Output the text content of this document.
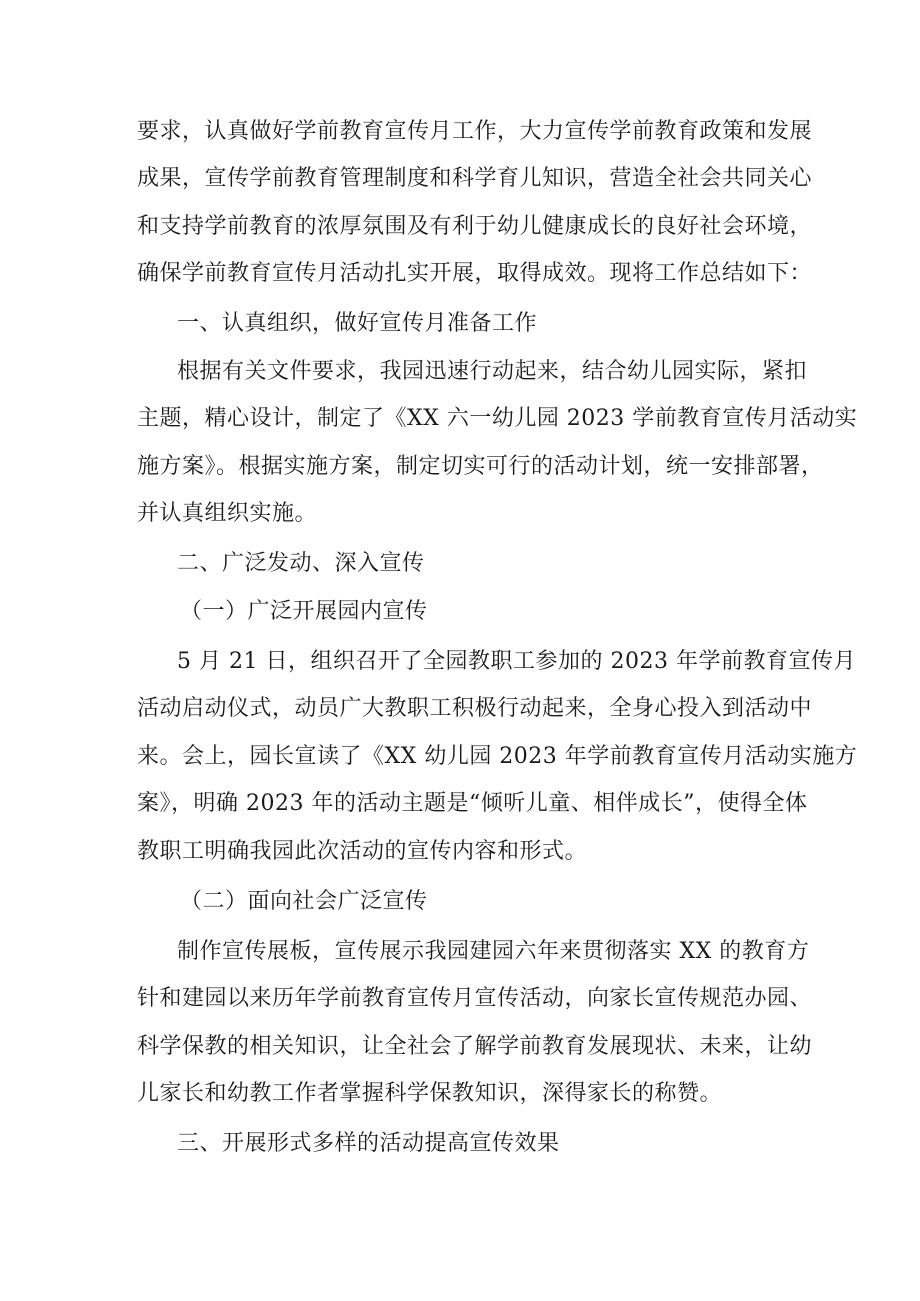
要求，认真做好学前教育宣传月工作，大力宣传学前教育政策和发展
成果，宣传学前教育管理制度和科学育儿知识，营造全社会共同关心
和支持学前教育的浓厚氛围及有利于幼儿健康成长的良好社会环境，
确保学前教育宣传月活动扎实开展，取得成效。现将工作总结如下：
一、认真组织，做好宣传月准备工作
根据有关文件要求，我园迅速行动起来，结合幼儿园实际，紧扣
主题，精心设计，制定了《XX 六一幼儿园 2023 学前教育宣传月活动实
施方案》。根据实施方案，制定切实可行的活动计划，统一安排部署，
并认真组织实施。
二、广泛发动、深入宣传
（一）广泛开展园内宣传
5 月 21 日，组织召开了全园教职工参加的 2023 年学前教育宣传月
活动启动仪式，动员广大教职工积极行动起来，全身心投入到活动中
来。会上，园长宣读了《XX 幼儿园 2023 年学前教育宣传月活动实施方
案》，明确 2023 年的活动主题是“倾听儿童、相伴成长”，使得全体
教职工明确我园此次活动的宣传内容和形式。
（二）面向社会广泛宣传
制作宣传展板，宣传展示我园建园六年来贯彻落实 XX 的教育方
针和建园以来历年学前教育宣传月宣传活动，向家长宣传规范办园、
科学保教的相关知识，让全社会了解学前教育发展现状、未来，让幼
儿家长和幼教工作者掌握科学保教知识，深得家长的称赞。
三、开展形式多样的活动提高宣传效果
